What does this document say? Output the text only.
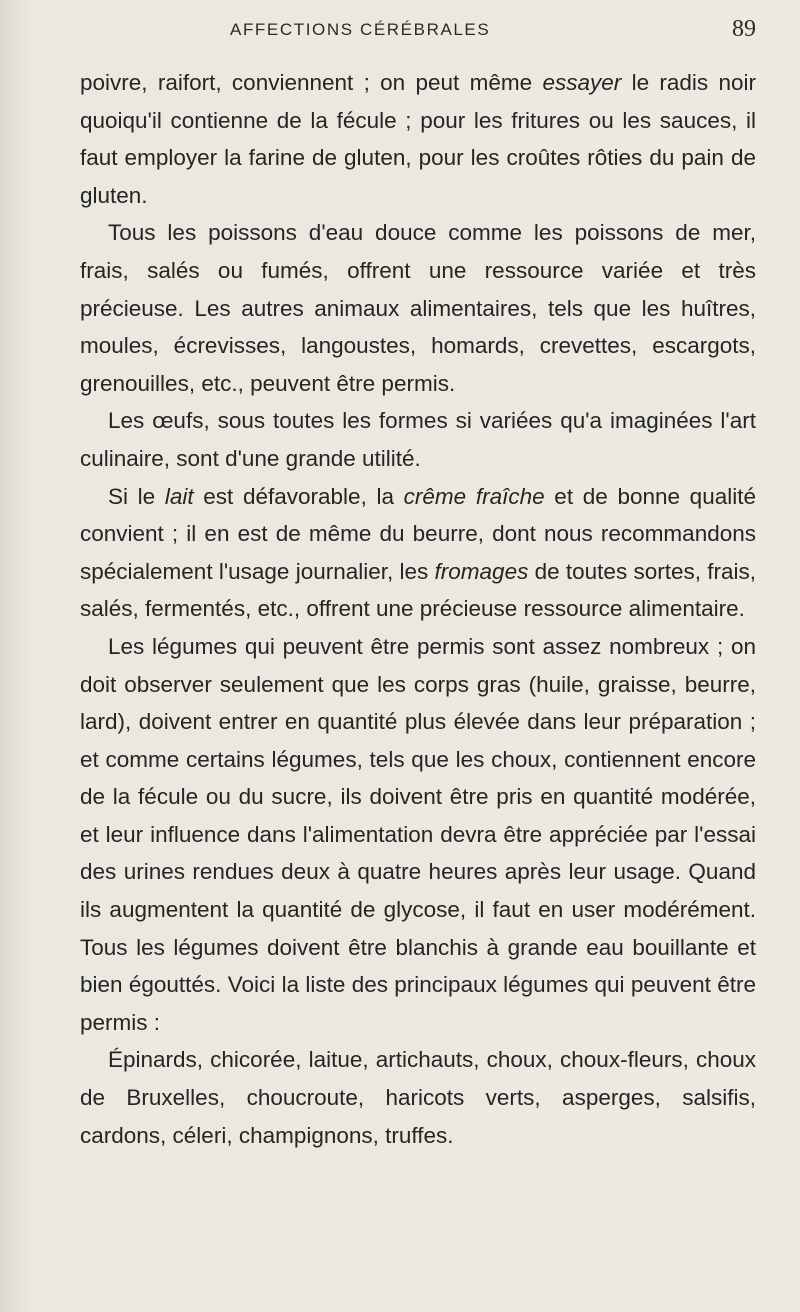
AFFECTIONS CÉRÉBRALES	89

poivre, raifort, conviennent ; on peut même essayer le radis noir quoiqu'il contienne de la fécule ; pour les fritures ou les sauces, il faut employer la farine de gluten, pour les croûtes rôties du pain de gluten.

Tous les poissons d'eau douce comme les poissons de mer, frais, salés ou fumés, offrent une ressource variée et très précieuse. Les autres animaux alimentaires, tels que les huîtres, moules, écrevisses, langoustes, homards, crevettes, escargots, grenouilles, etc., peuvent être permis.

Les œufs, sous toutes les formes si variées qu'a imaginées l'art culinaire, sont d'une grande utilité.

Si le lait est défavorable, la crême fraîche et de bonne qualité convient ; il en est de même du beurre, dont nous recommandons spécialement l'usage journalier, les fromages de toutes sortes, frais, salés, fermentés, etc., offrent une précieuse ressource alimentaire.

Les légumes qui peuvent être permis sont assez nombreux ; on doit observer seulement que les corps gras (huile, graisse, beurre, lard), doivent entrer en quantité plus élevée dans leur préparation ; et comme certains légumes, tels que les choux, contiennent encore de la fécule ou du sucre, ils doivent être pris en quantité modérée, et leur influence dans l'alimentation devra être appréciée par l'essai des urines rendues deux à quatre heures après leur usage. Quand ils augmentent la quantité de glycose, il faut en user modérément. Tous les légumes doivent être blanchis à grande eau bouillante et bien égouttés. Voici la liste des principaux légumes qui peuvent être permis :

Épinards, chicorée, laitue, artichauts, choux, choux-fleurs, choux de Bruxelles, choucroute, haricots verts, asperges, salsifis, cardons, céleri, champignons, truffes.
